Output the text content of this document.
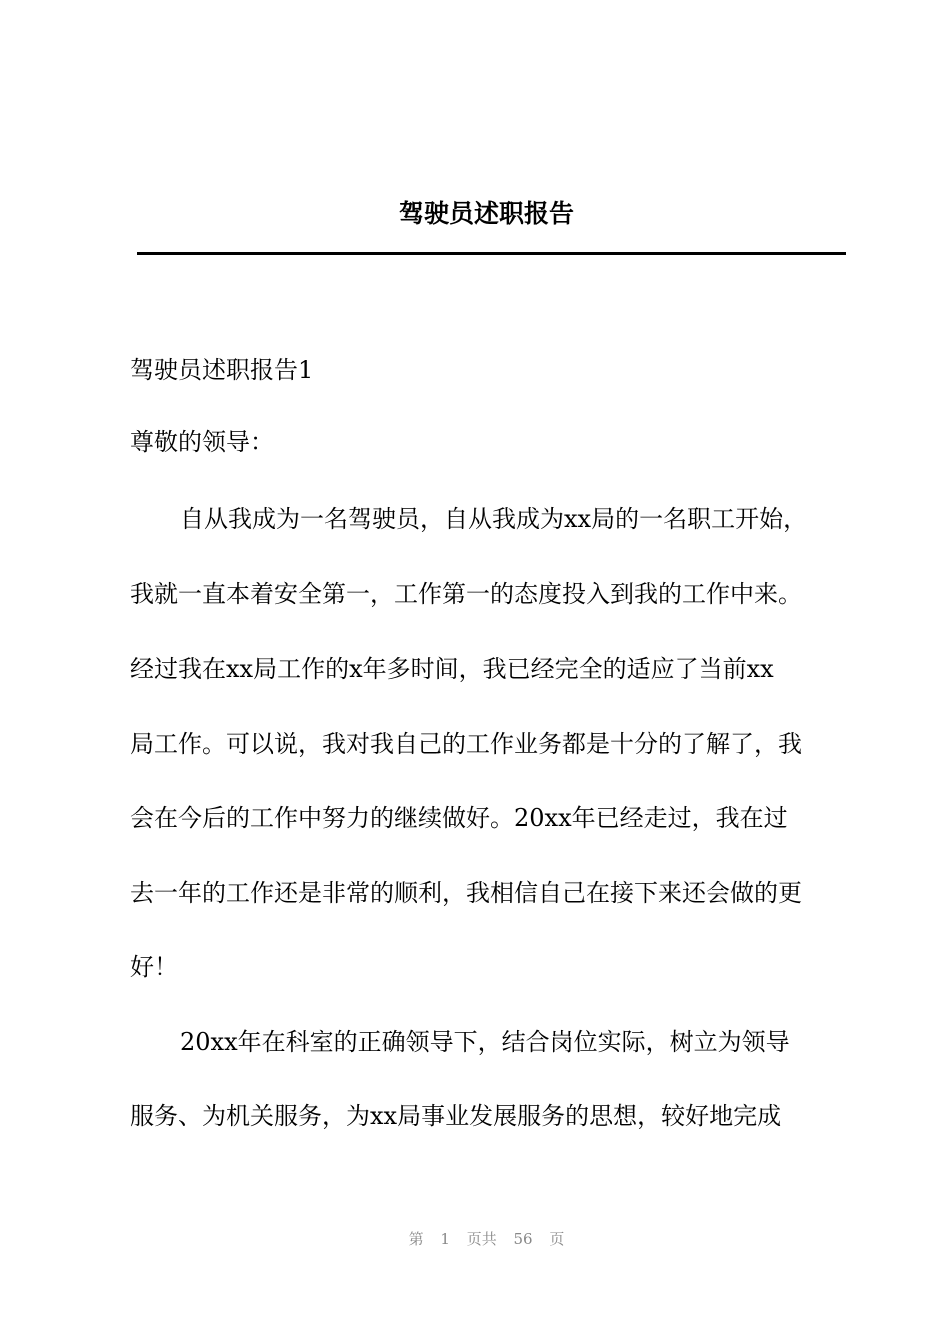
驾驶员述职报告
驾驶员述职报告1
尊敬的领导：
自从我成为一名驾驶员，自从我成为xx局的一名职工开始，
我就一直本着安全第一，工作第一的态度投入到我的工作中来。
经过我在xx局工作的x年多时间，我已经完全的适应了当前xx
局工作。可以说，我对我自己的工作业务都是十分的了解了，我
会在今后的工作中努力的继续做好。20xx年已经走过，我在过
去一年的工作还是非常的顺利，我相信自己在接下来还会做的更
好！
20xx年在科室的正确领导下，结合岗位实际，树立为领导
服务、为机关服务，为xx局事业发展服务的思想，较好地完成
第 1 页共 56 页
